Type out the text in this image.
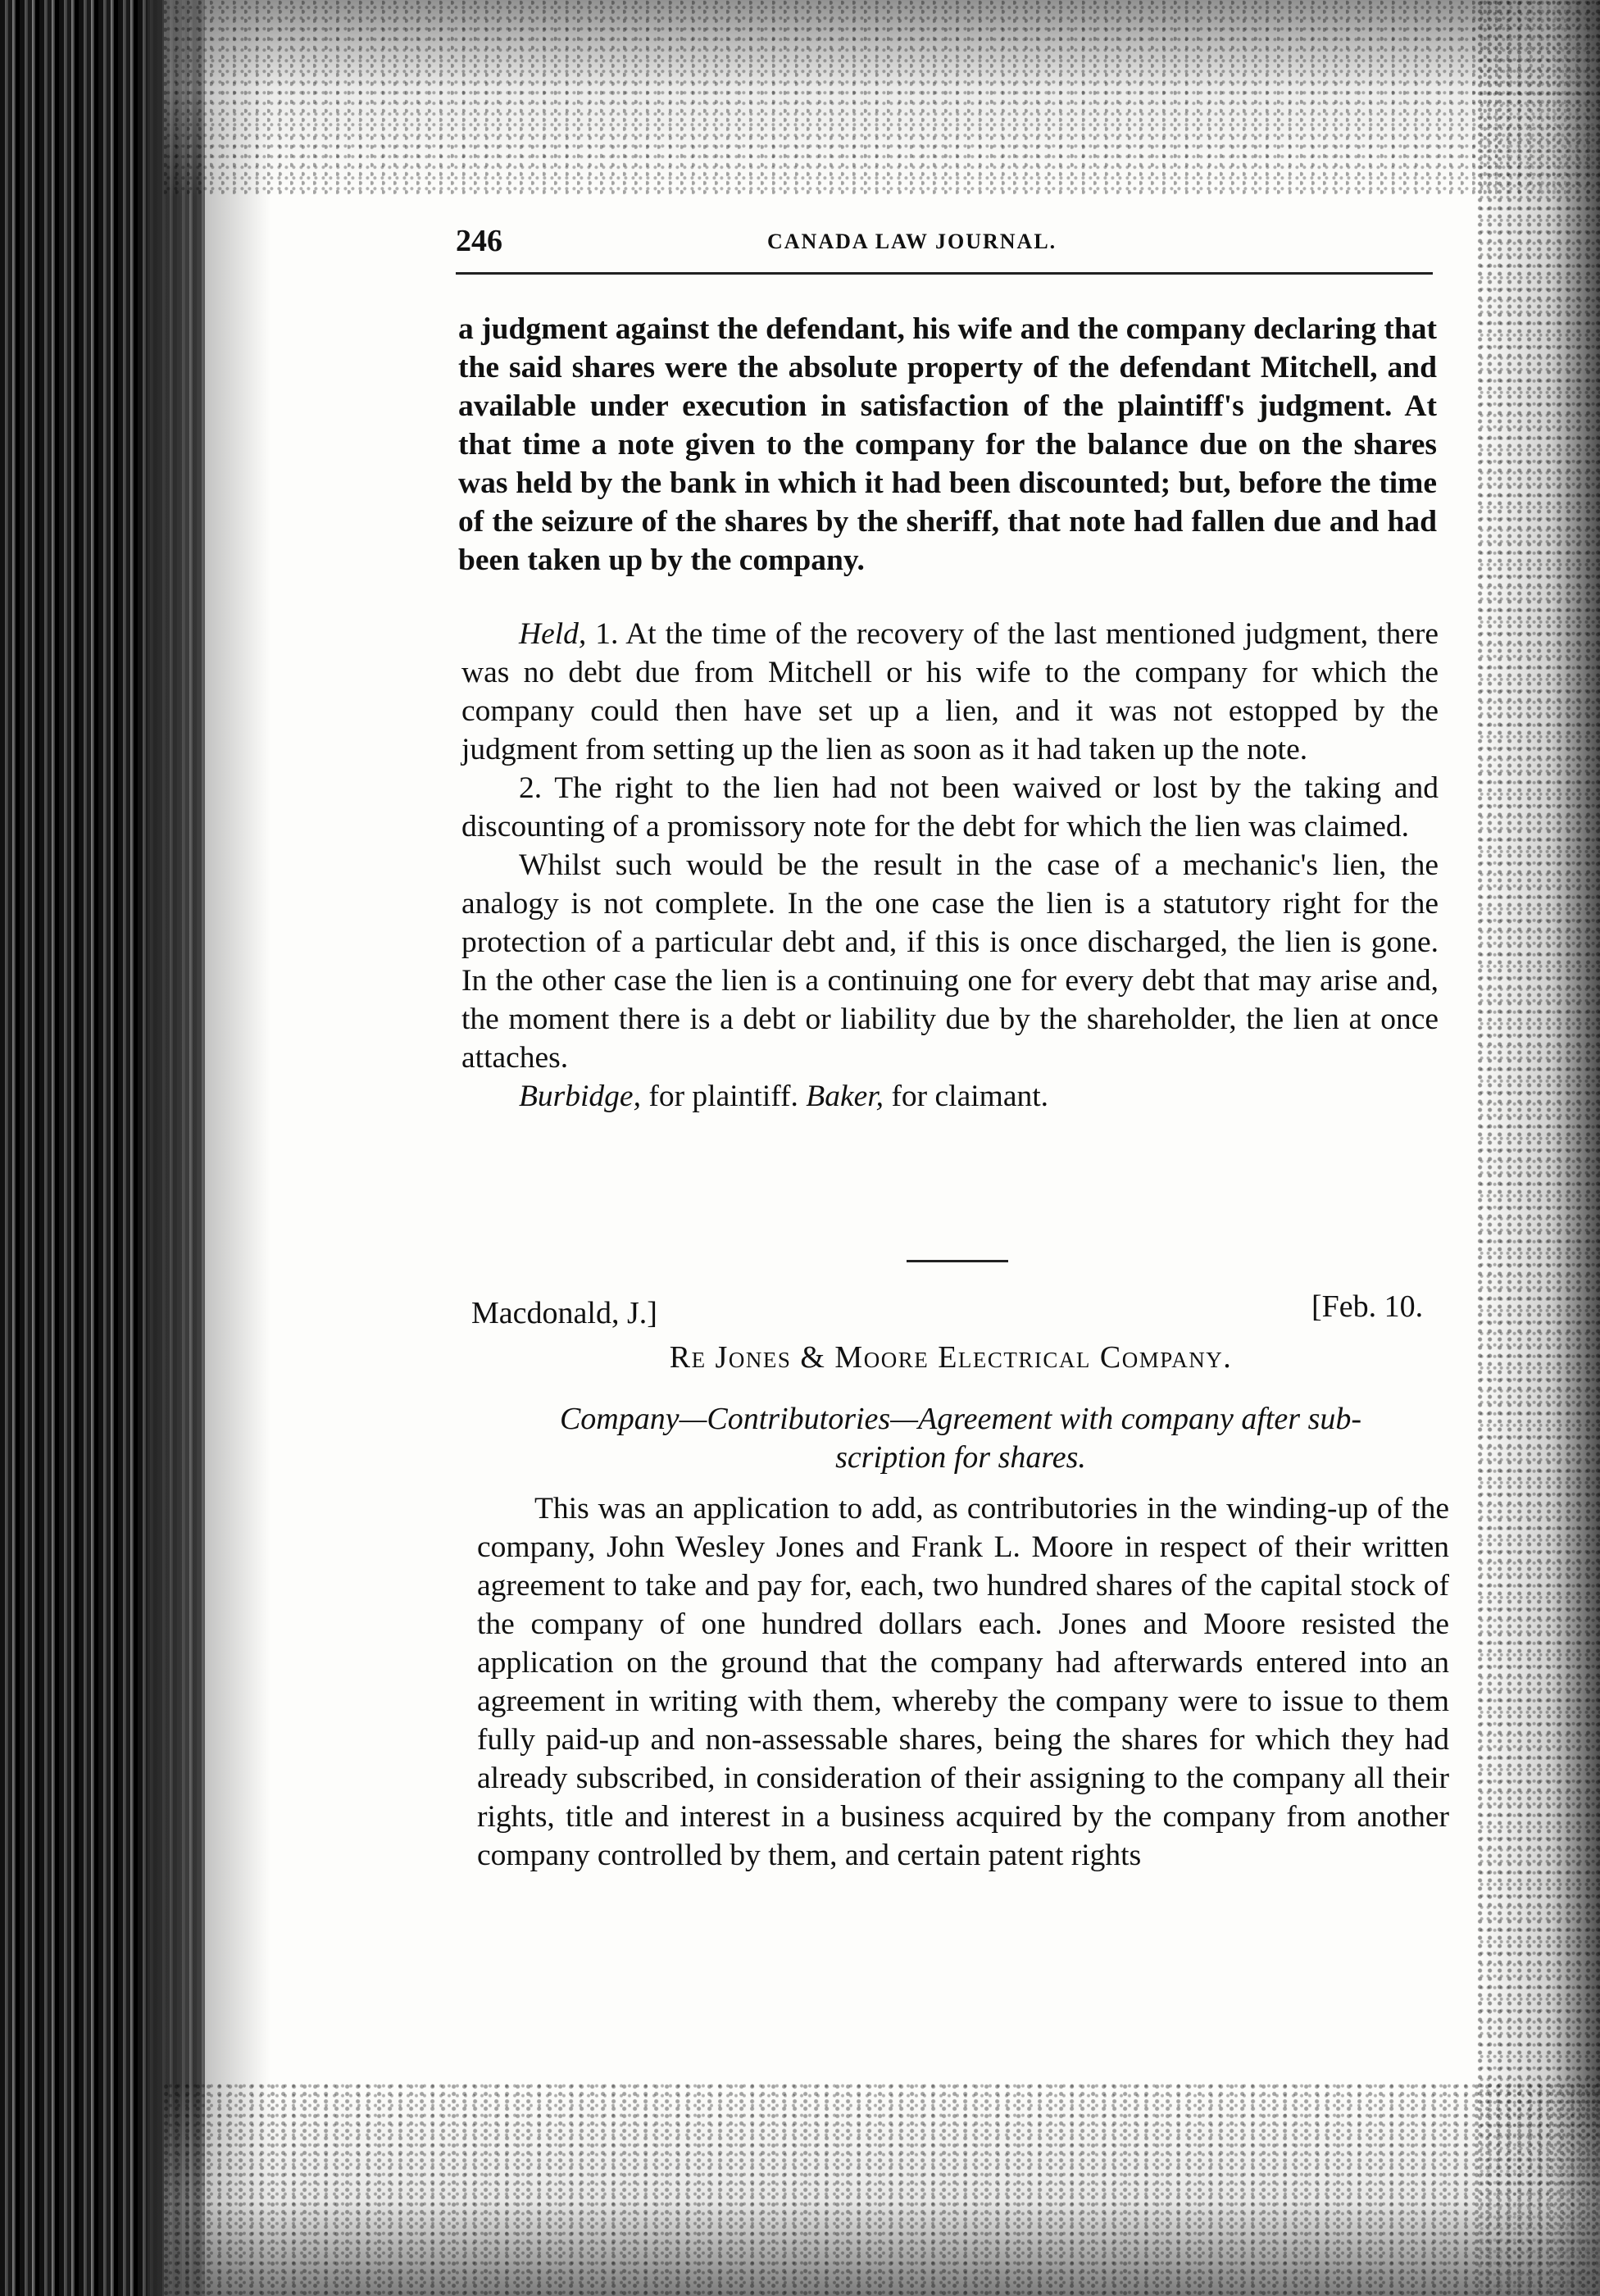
246	CANADA LAW JOURNAL.

a judgment against the defendant, his wife and the company declaring that the said shares were the absolute property of the defendant Mitchell, and available under execution in satisfaction of the plaintiff's judgment. At that time a note given to the company for the balance due on the shares was held by the bank in which it had been discounted; but, before the time of the seizure of the shares by the sheriff, that note had fallen due and had been taken up by the company.

Held, 1. At the time of the recovery of the last mentioned judgment, there was no debt due from Mitchell or his wife to the company for which the company could then have set up a lien, and it was not estopped by the judgment from setting up the lien as soon as it had taken up the note.

2. The right to the lien had not been waived or lost by the taking and discounting of a promissory note for the debt for which the lien was claimed.

Whilst such would be the result in the case of a mechanic's lien, the analogy is not complete. In the one case the lien is a statutory right for the protection of a particular debt and, if this is once discharged, the lien is gone. In the other case the lien is a continuing one for every debt that may arise and, the moment there is a debt or liability due by the shareholder, the lien at once attaches.

Burbidge, for plaintiff. Baker, for claimant.

Macdonald, J.]	[Feb. 10.
Re Jones & Moore Electrical Company.
Company—Contributories—Agreement with company after sub-
scription for shares.

This was an application to add, as contributories in the winding-up of the company, John Wesley Jones and Frank L. Moore in respect of their written agreement to take and pay for, each, two hundred shares of the capital stock of the company of one hundred dollars each. Jones and Moore resisted the application on the ground that the company had afterwards entered into an agreement in writing with them, whereby the company were to issue to them fully paid-up and non-assessable shares, being the shares for which they had already subscribed, in consideration of their assigning to the company all their rights, title and interest in a business acquired by the company from another company controlled by them, and certain patent rights
